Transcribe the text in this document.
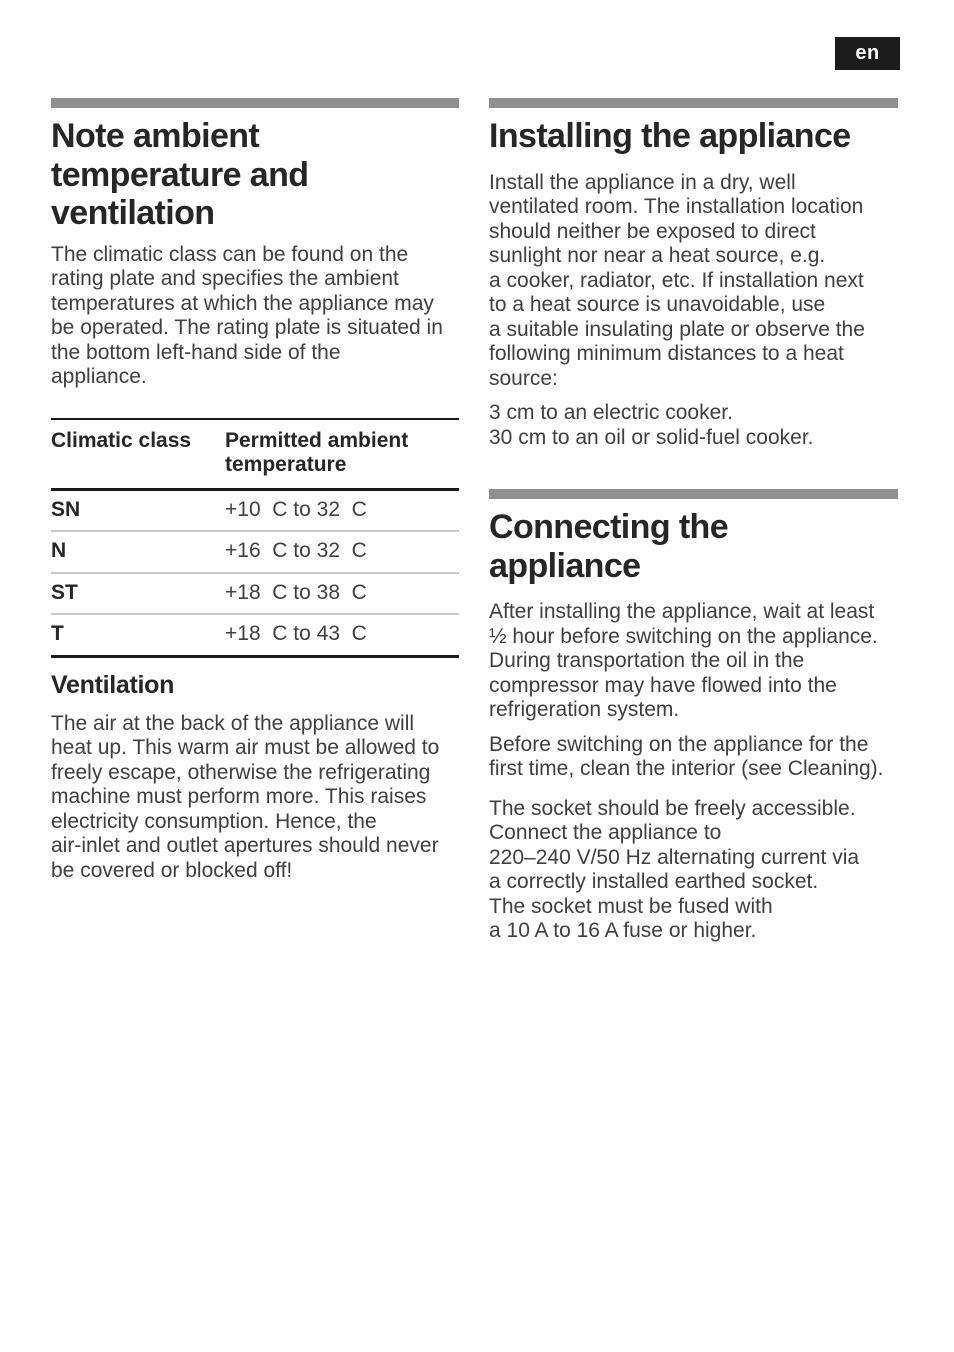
en
Note ambient
temperature and
ventilation
The climatic class can be found on the
rating plate and specifies the ambient
temperatures at which the appliance may
be operated. The rating plate is situated in
the bottom left-hand side of the
appliance.
Climatic class	Permitted ambient temperature
SN	+10  C to 32  C
N	+16  C to 32  C
ST	+18  C to 38  C
T	+18  C to 43  C
Ventilation
The air at the back of the appliance will
heat up. This warm air must be allowed to
freely escape, otherwise the refrigerating
machine must perform more. This raises
electricity consumption. Hence, the
air-inlet and outlet apertures should never
be covered or blocked off!
Installing the appliance
Install the appliance in a dry, well
ventilated room. The installation location
should neither be exposed to direct
sunlight nor near a heat source, e.g.
a cooker, radiator, etc. If installation next
to a heat source is unavoidable, use
a suitable insulating plate or observe the
following minimum distances to a heat
source:
3 cm to an electric cooker.
30 cm to an oil or solid-fuel cooker.
Connecting the
appliance
After installing the appliance, wait at least
½ hour before switching on the appliance.
During transportation the oil in the
compressor may have flowed into the
refrigeration system.
Before switching on the appliance for the
first time, clean the interior (see Cleaning).
The socket should be freely accessible.
Connect the appliance to
220–240 V/50 Hz alternating current via
a correctly installed earthed socket.
The socket must be fused with
a 10 A to 16 A fuse or higher.
